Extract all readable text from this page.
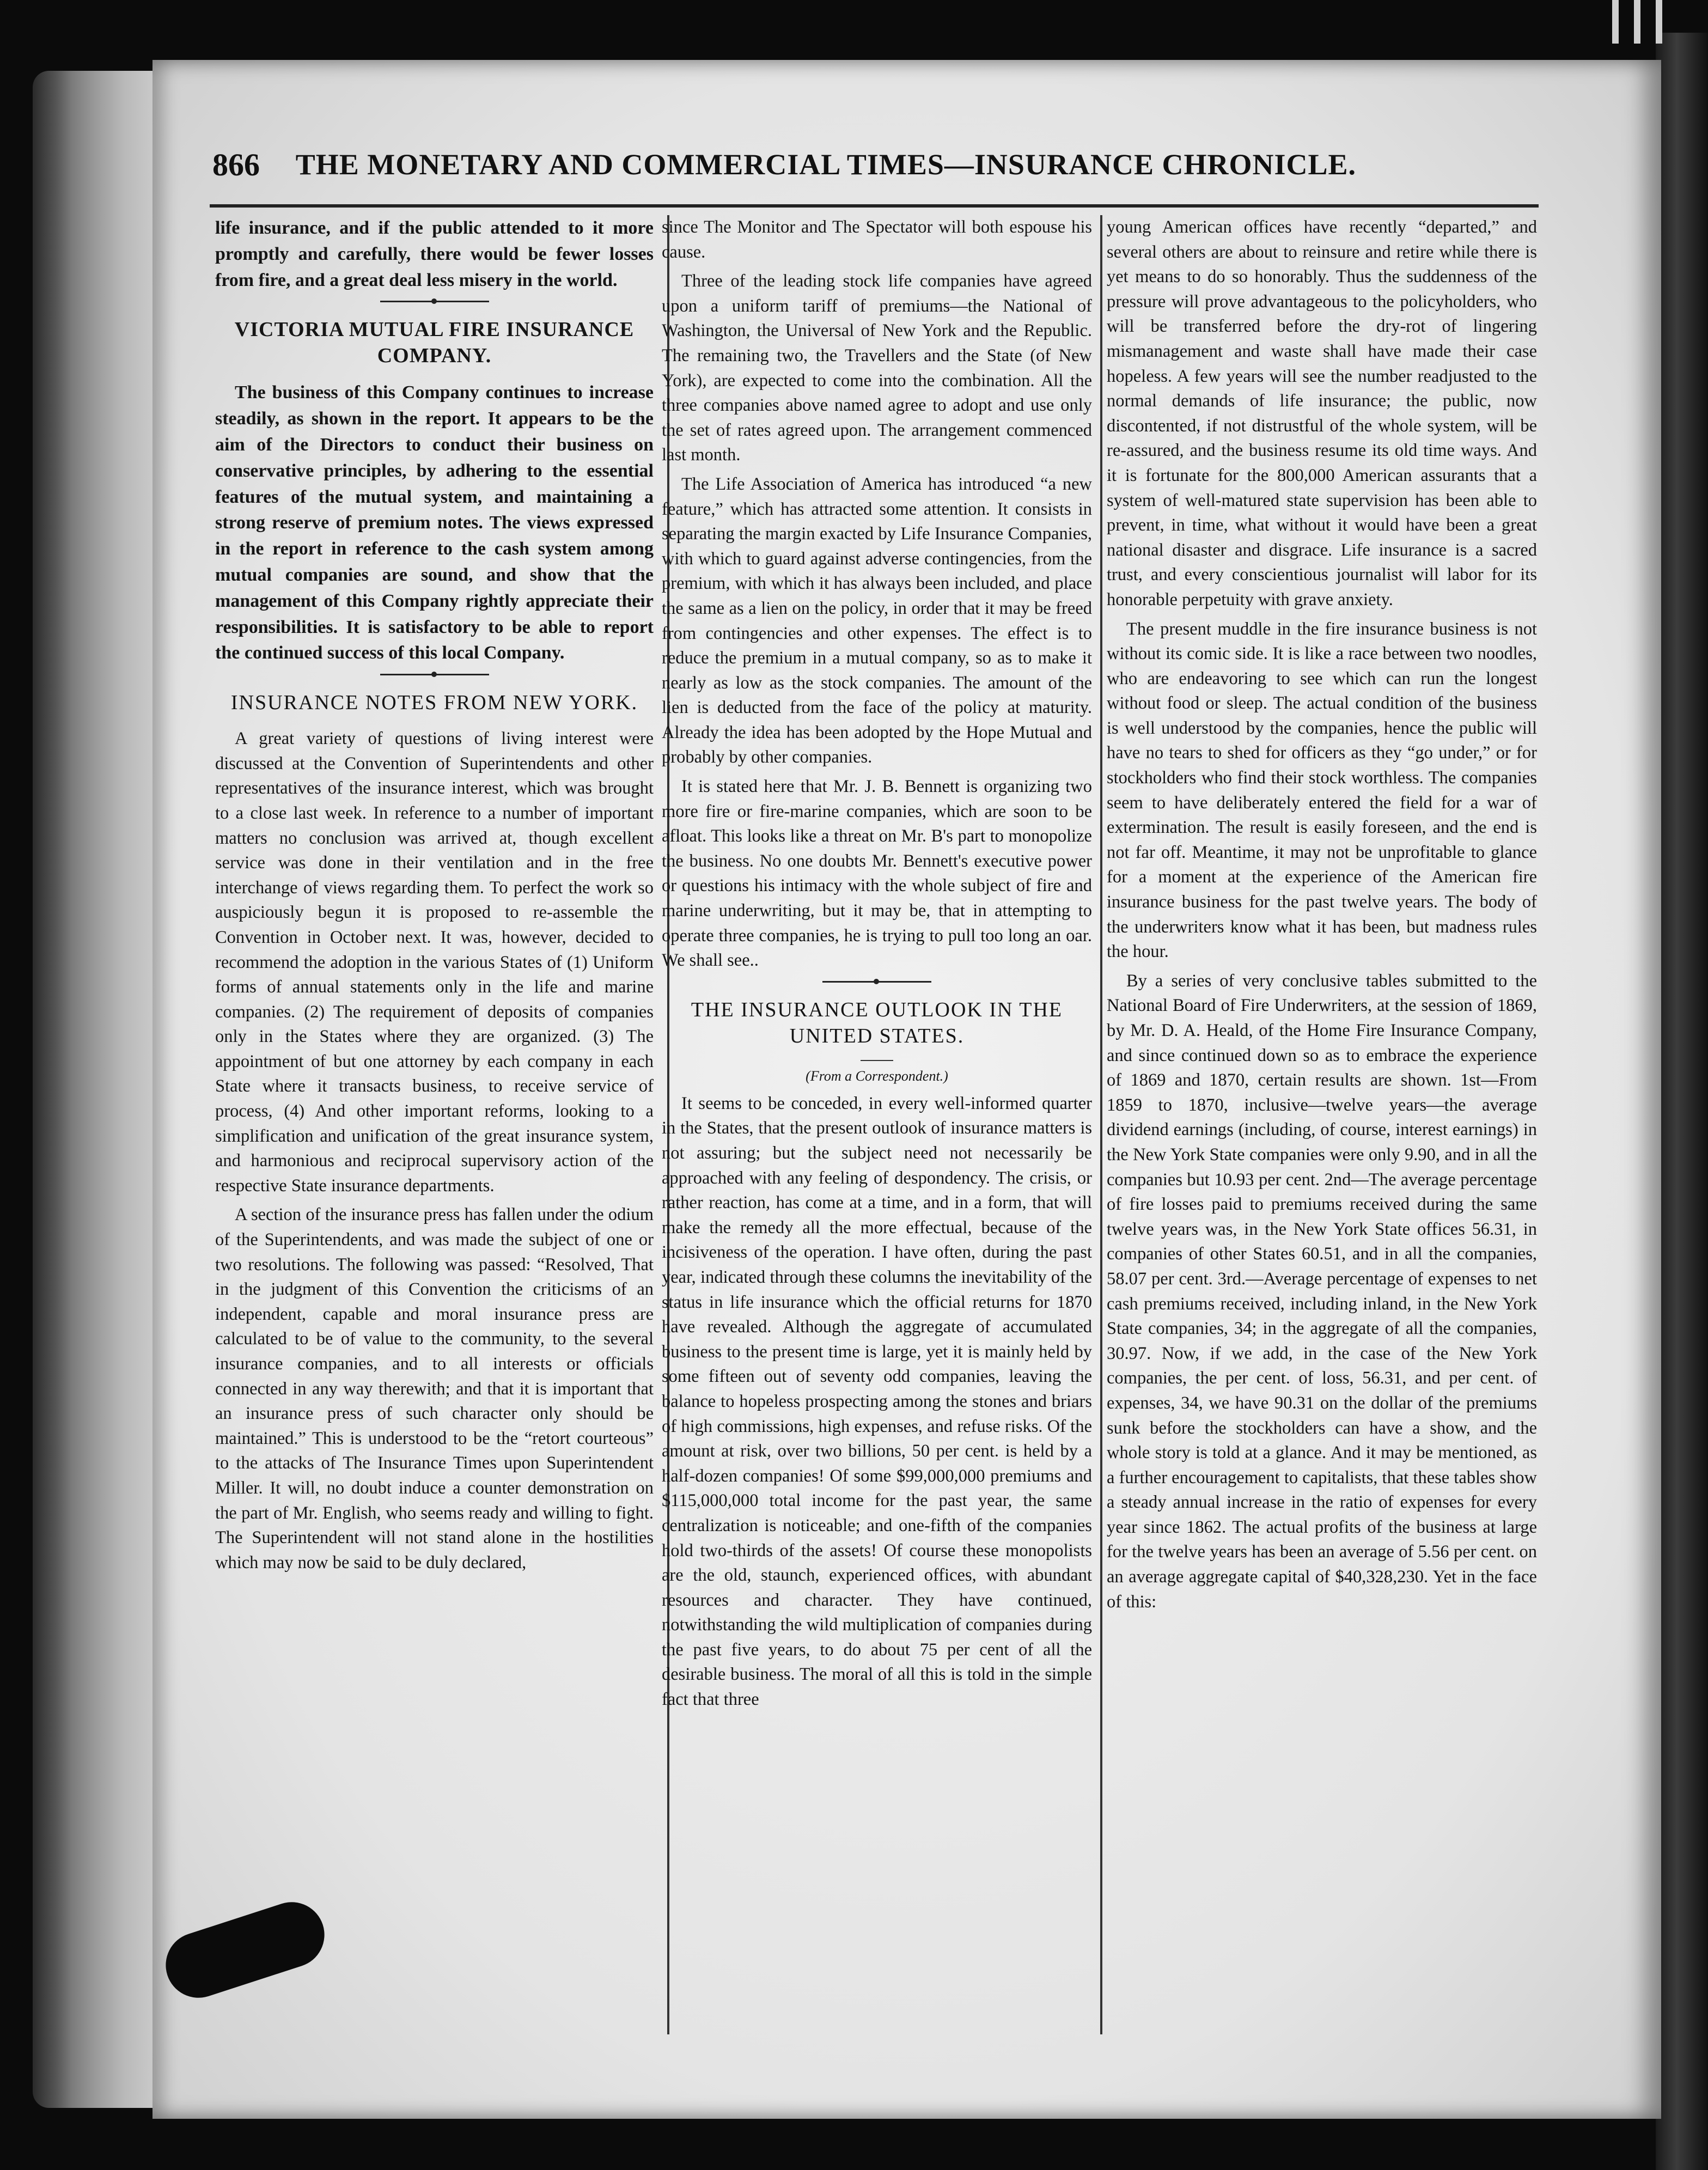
866	THE MONETARY AND COMMERCIAL TIMES—INSURANCE CHRONICLE.

life insurance, and if the public attended to it more promptly and carefully, there would be fewer losses from fire, and a great deal less misery in the world.

VICTORIA MUTUAL FIRE INSURANCE COMPANY.

The business of this Company continues to increase steadily, as shown in the report. It appears to be the aim of the Directors to conduct their business on conservative principles, by adhering to the essential features of the mutual system, and maintaining a strong reserve of premium notes. The views expressed in the report in reference to the cash system among mutual companies are sound, and show that the management of this Company rightly appreciate their responsibilities. It is satisfactory to be able to report the continued success of this local Company.

INSURANCE NOTES FROM NEW YORK.

A great variety of questions of living interest were discussed at the Convention of Superintendents and other representatives of the insurance interest, which was brought to a close last week. In reference to a number of important matters no conclusion was arrived at, though excellent service was done in their ventilation and in the free interchange of views regarding them. To perfect the work so auspiciously begun it is proposed to re-assemble the Convention in October next. It was, however, decided to recommend the adoption in the various States of (1) Uniform forms of annual statements only in the life and marine companies. (2) The requirement of deposits of companies only in the States where they are organized. (3) The appointment of but one attorney by each company in each State where it transacts business, to receive service of process, (4) And other important reforms, looking to a simplification and unification of the great insurance system, and harmonious and reciprocal supervisory action of the respective State insurance departments.

A section of the insurance press has fallen under the odium of the Superintendents, and was made the subject of one or two resolutions. The following was passed: “Resolved, That in the judgment of this Convention the criticisms of an independent, capable and moral insurance press are calculated to be of value to the community, to the several insurance companies, and to all interests or officials connected in any way therewith; and that it is important that an insurance press of such character only should be maintained.” This is understood to be the “retort courteous” to the attacks of The Insurance Times upon Superintendent Miller. It will, no doubt induce a counter demonstration on the part of Mr. English, who seems ready and willing to fight. The Superintendent will not stand alone in the hostilities which may now be said to be duly declared,

since The Monitor and The Spectator will both espouse his cause.

Three of the leading stock life companies have agreed upon a uniform tariff of premiums—the National of Washington, the Universal of New York and the Republic. The remaining two, the Travellers and the State (of New York), are expected to come into the combination. All the three companies above named agree to adopt and use only the set of rates agreed upon. The arrangement commenced last month.

The Life Association of America has introduced “a new feature,” which has attracted some attention. It consists in separating the margin exacted by Life Insurance Companies, with which to guard against adverse contingencies, from the premium, with which it has always been included, and place the same as a lien on the policy, in order that it may be freed from contingencies and other expenses. The effect is to reduce the premium in a mutual company, so as to make it nearly as low as the stock companies. The amount of the lien is deducted from the face of the policy at maturity. Already the idea has been adopted by the Hope Mutual and probably by other companies.

It is stated here that Mr. J. B. Bennett is organizing two more fire or fire-marine companies, which are soon to be afloat. This looks like a threat on Mr. B's part to monopolize the business. No one doubts Mr. Bennett's executive power or questions his intimacy with the whole subject of fire and marine underwriting, but it may be, that in attempting to operate three companies, he is trying to pull too long an oar. We shall see..

THE INSURANCE OUTLOOK IN THE UNITED STATES.
(From a Correspondent.)

It seems to be conceded, in every well-informed quarter in the States, that the present outlook of insurance matters is not assuring; but the subject need not necessarily be approached with any feeling of despondency. The crisis, or rather reaction, has come at a time, and in a form, that will make the remedy all the more effectual, because of the incisiveness of the operation. I have often, during the past year, indicated through these columns the inevitability of the status in life insurance which the official returns for 1870 have revealed. Although the aggregate of accumulated business to the present time is large, yet it is mainly held by some fifteen out of seventy odd companies, leaving the balance to hopeless prospecting among the stones and briars of high commissions, high expenses, and refuse risks. Of the amount at risk, over two billions, 50 per cent. is held by a half-dozen companies! Of some $99,000,000 premiums and $115,000,000 total income for the past year, the same centralization is noticeable; and one-fifth of the companies hold two-thirds of the assets! Of course these monopolists are the old, staunch, experienced offices, with abundant resources and character. They have continued, notwithstanding the wild multiplication of companies during the past five years, to do about 75 per cent of all the desirable business. The moral of all this is told in the simple fact that three

young American offices have recently “departed,” and several others are about to reinsure and retire while there is yet means to do so honorably. Thus the suddenness of the pressure will prove advantageous to the policyholders, who will be transferred before the dry-rot of lingering mismanagement and waste shall have made their case hopeless. A few years will see the number readjusted to the normal demands of life insurance; the public, now discontented, if not distrustful of the whole system, will be re-assured, and the business resume its old time ways. And it is fortunate for the 800,000 American assurants that a system of well-matured state supervision has been able to prevent, in time, what without it would have been a great national disaster and disgrace. Life insurance is a sacred trust, and every conscientious journalist will labor for its honorable perpetuity with grave anxiety.

The present muddle in the fire insurance business is not without its comic side. It is like a race between two noodles, who are endeavoring to see which can run the longest without food or sleep. The actual condition of the business is well understood by the companies, hence the public will have no tears to shed for officers as they “go under,” or for stockholders who find their stock worthless. The companies seem to have deliberately entered the field for a war of extermination. The result is easily foreseen, and the end is not far off. Meantime, it may not be unprofitable to glance for a moment at the experience of the American fire insurance business for the past twelve years. The body of the underwriters know what it has been, but madness rules the hour.

By a series of very conclusive tables submitted to the National Board of Fire Underwriters, at the session of 1869, by Mr. D. A. Heald, of the Home Fire Insurance Company, and since continued down so as to embrace the experience of 1869 and 1870, certain results are shown. 1st—From 1859 to 1870, inclusive—twelve years—the average dividend earnings (including, of course, interest earnings) in the New York State companies were only 9.90, and in all the companies but 10.93 per cent. 2nd—The average percentage of fire losses paid to premiums received during the same twelve years was, in the New York State offices 56.31, in companies of other States 60.51, and in all the companies, 58.07 per cent. 3rd.—Average percentage of expenses to net cash premiums received, including inland, in the New York State companies, 34; in the aggregate of all the companies, 30.97. Now, if we add, in the case of the New York companies, the per cent. of loss, 56.31, and per cent. of expenses, 34, we have 90.31 on the dollar of the premiums sunk before the stockholders can have a show, and the whole story is told at a glance. And it may be mentioned, as a further encouragement to capitalists, that these tables show a steady annual increase in the ratio of expenses for every year since 1862. The actual profits of the business at large for the twelve years has been an average of 5.56 per cent. on an average aggregate capital of $40,328,230. Yet in the face of this:
